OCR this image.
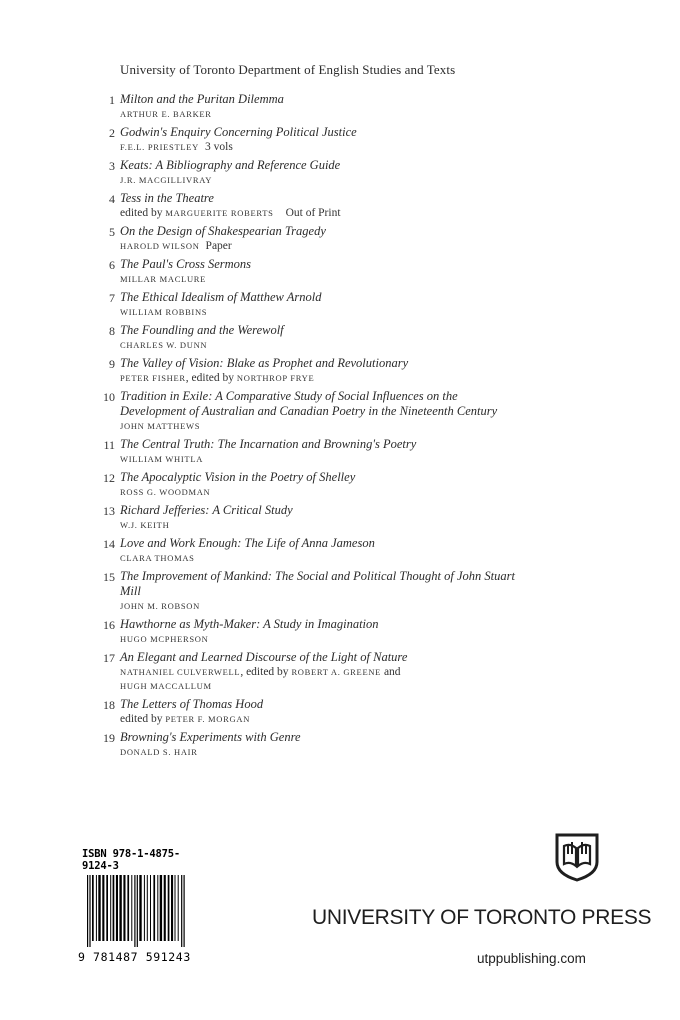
University of Toronto Department of English Studies and Texts
1 Milton and the Puritan Dilemma
ARTHUR E. BARKER
2 Godwin's Enquiry Concerning Political Justice
F.E.L. PRIESTLEY 3 vols
3 Keats: A Bibliography and Reference Guide
J.R. MACGILLIVRAY
4 Tess in the Theatre
edited by MARGUERITE ROBERTS Out of Print
5 On the Design of Shakespearian Tragedy
HAROLD WILSON Paper
6 The Paul's Cross Sermons
MILLAR MACLURE
7 The Ethical Idealism of Matthew Arnold
WILLIAM ROBBINS
8 The Foundling and the Werewolf
CHARLES W. DUNN
9 The Valley of Vision: Blake as Prophet and Revolutionary
PETER FISHER, edited by NORTHROP FRYE
10 Tradition in Exile: A Comparative Study of Social Influences on the Development of Australian and Canadian Poetry in the Nineteenth Century
JOHN MATTHEWS
11 The Central Truth: The Incarnation and Browning's Poetry
WILLIAM WHITLA
12 The Apocalyptic Vision in the Poetry of Shelley
ROSS G. WOODMAN
13 Richard Jefferies: A Critical Study
W.J. KEITH
14 Love and Work Enough: The Life of Anna Jameson
CLARA THOMAS
15 The Improvement of Mankind: The Social and Political Thought of John Stuart Mill
JOHN M. ROBSON
16 Hawthorne as Myth-Maker: A Study in Imagination
HUGO MCPHERSON
17 An Elegant and Learned Discourse of the Light of Nature
NATHANIEL CULVERWELL, edited by ROBERT A. GREENE and
HUGH MACCALLUM
18 The Letters of Thomas Hood
edited by PETER F. MORGAN
19 Browning's Experiments with Genre
DONALD S. HAIR
ISBN 978-1-4875-9124-3
9 781487 591243
UNIVERSITY OF TORONTO PRESS
utppublishing.com
